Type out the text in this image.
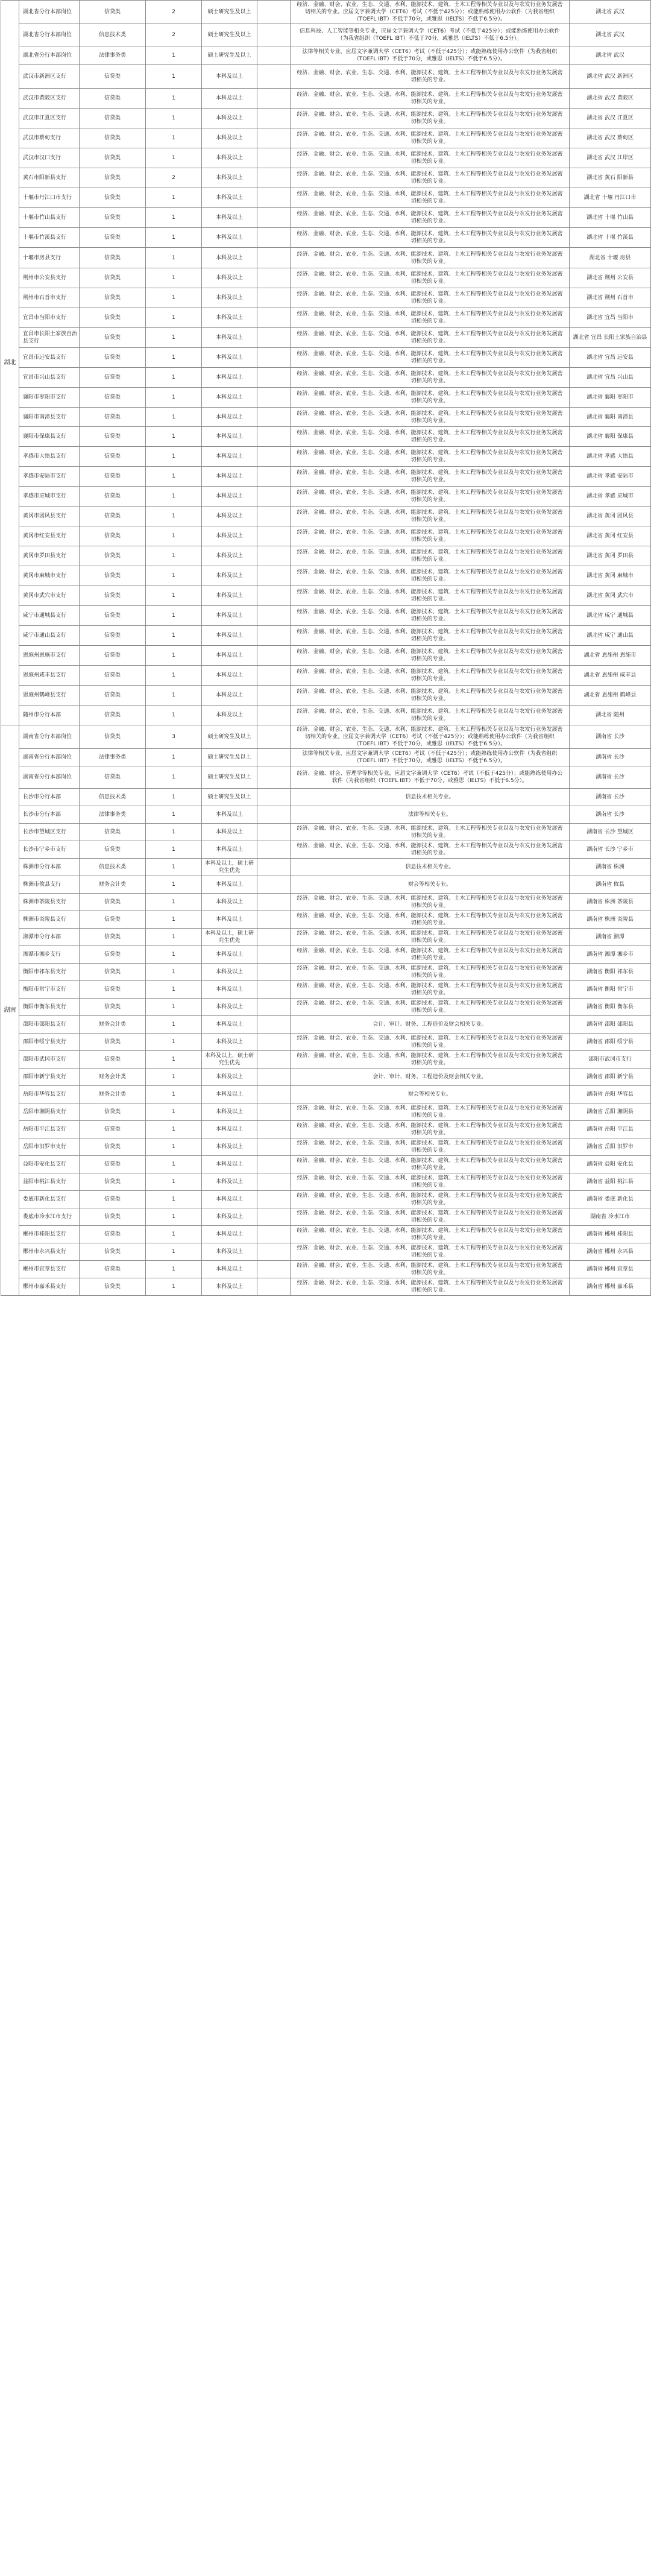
湖北	湖北省分行本部岗位	信贷类	2	硕士研究生及以上		经济、金融、财会、农业、生态、交通、水利、能源技术、建筑、土木工程等相关专业以及与农发行业务发展密切相关的专业。应届文字兼调大学（CET6）考试（不低于425分）；或能熟练使用办公软件（为我省组织（TOEFL IBT）不低于70分，或雅思（IELTS）不低于6.5分）。	湖北省 武汉
	湖北省分行本部岗位	信息技术类	2	硕士研究生及以上		信息科技、人工智能等相关专业，应届文字兼调大学（CET6）考试（不低于425分）；或能熟练使用办公软件（为我省组织（TOEFL IBT）不低于70分，或雅思（IELTS）不低于6.5分）。	湖北省 武汉
	湖北省分行本部岗位	法律事务类	1	硕士研究生及以上		法律等相关专业，应届文字兼调大学（CET6）考试（不低于425分）；或能熟练使用办公软件（为我省组织（TOEFL IBT）不低于70分，或雅思（IELTS）不低于6.5分）。	湖北省 武汉
	武汉市新洲区支行	信贷类	1	本科及以上		经济、金融、财会、农业、生态、交通、水利、能源技术、建筑、土木工程等相关专业以及与农发行业务发展密切相关的专业。	湖北省 武汉 新洲区
	武汉市黄陂区支行	信贷类	1	本科及以上		经济、金融、财会、农业、生态、交通、水利、能源技术、建筑、土木工程等相关专业以及与农发行业务发展密切相关的专业。	湖北省 武汉 黄陂区
	武汉市江夏区支行	信贷类	1	本科及以上		经济、金融、财会、农业、生态、交通、水利、能源技术、建筑、土木工程等相关专业以及与农发行业务发展密切相关的专业。	湖北省 武汉 江夏区
	武汉市蔡甸支行	信贷类	1	本科及以上		经济、金融、财会、农业、生态、交通、水利、能源技术、建筑、土木工程等相关专业以及与农发行业务发展密切相关的专业。	湖北省 武汉 蔡甸区
	武汉市汉口支行	信贷类	1	本科及以上		经济、金融、财会、农业、生态、交通、水利、能源技术、建筑、土木工程等相关专业以及与农发行业务发展密切相关的专业。	湖北省 武汉 江岸区
	黄石市阳新县支行	信贷类	2	本科及以上		经济、金融、财会、农业、生态、交通、水利、能源技术、建筑、土木工程等相关专业以及与农发行业务发展密切相关的专业。	湖北省 黄石 阳新县
	十堰市丹江口市支行	信贷类	1	本科及以上		经济、金融、财会、农业、生态、交通、水利、能源技术、建筑、土木工程等相关专业以及与农发行业务发展密切相关的专业。	湖北省 十堰 丹江口市
	十堰市竹山县支行	信贷类	1	本科及以上		经济、金融、财会、农业、生态、交通、水利、能源技术、建筑、土木工程等相关专业以及与农发行业务发展密切相关的专业。	湖北省 十堰 竹山县
	十堰市竹溪县支行	信贷类	1	本科及以上		经济、金融、财会、农业、生态、交通、水利、能源技术、建筑、土木工程等相关专业以及与农发行业务发展密切相关的专业。	湖北省 十堰 竹溪县
	十堰市房县支行	信贷类	1	本科及以上		经济、金融、财会、农业、生态、交通、水利、能源技术、建筑、土木工程等相关专业以及与农发行业务发展密切相关的专业。	湖北省 十堰 房县
	荆州市公安县支行	信贷类	1	本科及以上		经济、金融、财会、农业、生态、交通、水利、能源技术、建筑、土木工程等相关专业以及与农发行业务发展密切相关的专业。	湖北省 荆州 公安县
	荆州市石首市支行	信贷类	1	本科及以上		经济、金融、财会、农业、生态、交通、水利、能源技术、建筑、土木工程等相关专业以及与农发行业务发展密切相关的专业。	湖北省 荆州 石首市
	宜昌市当阳市支行	信贷类	1	本科及以上		经济、金融、财会、农业、生态、交通、水利、能源技术、建筑、土木工程等相关专业以及与农发行业务发展密切相关的专业。	湖北省 宜昌 当阳市
	宜昌市长阳土家族自治县支行	信贷类	1	本科及以上		经济、金融、财会、农业、生态、交通、水利、能源技术、建筑、土木工程等相关专业以及与农发行业务发展密切相关的专业。	湖北省 宜昌 长阳土家族自治县
	宜昌市远安县支行	信贷类	1	本科及以上		经济、金融、财会、农业、生态、交通、水利、能源技术、建筑、土木工程等相关专业以及与农发行业务发展密切相关的专业。	湖北省 宜昌 远安县
	宜昌市兴山县支行	信贷类	1	本科及以上		经济、金融、财会、农业、生态、交通、水利、能源技术、建筑、土木工程等相关专业以及与农发行业务发展密切相关的专业。	湖北省 宜昌 兴山县
	襄阳市枣阳市支行	信贷类	1	本科及以上		经济、金融、财会、农业、生态、交通、水利、能源技术、建筑、土木工程等相关专业以及与农发行业务发展密切相关的专业。	湖北省 襄阳 枣阳市
	襄阳市南漳县支行	信贷类	1	本科及以上		经济、金融、财会、农业、生态、交通、水利、能源技术、建筑、土木工程等相关专业以及与农发行业务发展密切相关的专业。	湖北省 襄阳 南漳县
	襄阳市保康县支行	信贷类	1	本科及以上		经济、金融、财会、农业、生态、交通、水利、能源技术、建筑、土木工程等相关专业以及与农发行业务发展密切相关的专业。	湖北省 襄阳 保康县
	孝感市大悟县支行	信贷类	1	本科及以上		经济、金融、财会、农业、生态、交通、水利、能源技术、建筑、土木工程等相关专业以及与农发行业务发展密切相关的专业。	湖北省 孝感 大悟县
	孝感市安陆市支行	信贷类	1	本科及以上		经济、金融、财会、农业、生态、交通、水利、能源技术、建筑、土木工程等相关专业以及与农发行业务发展密切相关的专业。	湖北省 孝感 安陆市
	孝感市应城市支行	信贷类	1	本科及以上		经济、金融、财会、农业、生态、交通、水利、能源技术、建筑、土木工程等相关专业以及与农发行业务发展密切相关的专业。	湖北省 孝感 应城市
	黄冈市团风县支行	信贷类	1	本科及以上		经济、金融、财会、农业、生态、交通、水利、能源技术、建筑、土木工程等相关专业以及与农发行业务发展密切相关的专业。	湖北省 黄冈 团风县
	黄冈市红安县支行	信贷类	1	本科及以上		经济、金融、财会、农业、生态、交通、水利、能源技术、建筑、土木工程等相关专业以及与农发行业务发展密切相关的专业。	湖北省 黄冈 红安县
	黄冈市罗田县支行	信贷类	1	本科及以上		经济、金融、财会、农业、生态、交通、水利、能源技术、建筑、土木工程等相关专业以及与农发行业务发展密切相关的专业。	湖北省 黄冈 罗田县
	黄冈市麻城市支行	信贷类	1	本科及以上		经济、金融、财会、农业、生态、交通、水利、能源技术、建筑、土木工程等相关专业以及与农发行业务发展密切相关的专业。	湖北省 黄冈 麻城市
	黄冈市武穴市支行	信贷类	1	本科及以上		经济、金融、财会、农业、生态、交通、水利、能源技术、建筑、土木工程等相关专业以及与农发行业务发展密切相关的专业。	湖北省 黄冈 武穴市
	咸宁市通城县支行	信贷类	1	本科及以上		经济、金融、财会、农业、生态、交通、水利、能源技术、建筑、土木工程等相关专业以及与农发行业务发展密切相关的专业。	湖北省 咸宁 通城县
	咸宁市通山县支行	信贷类	1	本科及以上		经济、金融、财会、农业、生态、交通、水利、能源技术、建筑、土木工程等相关专业以及与农发行业务发展密切相关的专业。	湖北省 咸宁 通山县
	恩施州恩施市支行	信贷类	1	本科及以上		经济、金融、财会、农业、生态、交通、水利、能源技术、建筑、土木工程等相关专业以及与农发行业务发展密切相关的专业。	湖北省 恩施州 恩施市
	恩施州咸丰县支行	信贷类	1	本科及以上		经济、金融、财会、农业、生态、交通、水利、能源技术、建筑、土木工程等相关专业以及与农发行业务发展密切相关的专业。	湖北省 恩施州 咸丰县
	恩施州鹤峰县支行	信贷类	1	本科及以上		经济、金融、财会、农业、生态、交通、水利、能源技术、建筑、土木工程等相关专业以及与农发行业务发展密切相关的专业。	湖北省 恩施州 鹤峰县
	随州市分行本部	信贷类	1	本科及以上		经济、金融、财会、农业、生态、交通、水利、能源技术、建筑、土木工程等相关专业以及与农发行业务发展密切相关的专业。	湖北省 随州
湖南	湖南省分行本部岗位	信贷类	3	硕士研究生及以上		经济、金融、财会、农业、生态、交通、水利、能源技术、建筑、土木工程等相关专业以及与农发行业务发展密切相关的专业。应届文字兼调大学（CET6）考试（不低于425分）；或能熟练使用办公软件（为我省组织（TOEFL IBT）不低于70分，或雅思（IELTS）不低于6.5分）。	湖南省 长沙
	湖南省分行本部岗位	法律事务类	1	硕士研究生及以上		法律等相关专业，应届文字兼调大学（CET6）考试（不低于425分）；或能熟练使用办公软件（为我省组织（TOEFL IBT）不低于70分，或雅思（IELTS）不低于6.5分）。	湖南省 长沙
	湖南省分行本部岗位	信贷类	1	硕士研究生及以上		经济、金融、财会、管理学等相关专业，应届文字兼调大学（CET6）考试（不低于425分）；或能熟练使用办公软件（为我省组织（TOEFL IBT）不低于70分，或雅思（IELTS）不低于6.5分）。	湖南省 长沙
	长沙市分行本部	信息技术类	1	硕士研究生及以上		信息技术相关专业。	湖南省 长沙
	长沙市分行本部	法律事务类	1	本科及以上		法律等相关专业。	湖南省 长沙
	长沙市望城区支行	信贷类	1	本科及以上		经济、金融、财会、农业、生态、交通、水利、能源技术、建筑、土木工程等相关专业以及与农发行业务发展密切相关的专业。	湖南省 长沙 望城区
	长沙市宁乡市支行	信贷类	1	本科及以上		经济、金融、财会、农业、生态、交通、水利、能源技术、建筑、土木工程等相关专业以及与农发行业务发展密切相关的专业。	湖南省 长沙 宁乡市
	株洲市分行本部	信息技术类	1	本科及以上，硕士研究生优先		信息技术相关专业。	湖南省 株洲
	株洲市攸县支行	财务会计类	1	本科及以上		财会等相关专业。	湖南省 攸县
	株洲市茶陵县支行	信贷类	1	本科及以上		经济、金融、财会、农业、生态、交通、水利、能源技术、建筑、土木工程等相关专业以及与农发行业务发展密切相关的专业。	湖南省 株洲 茶陵县
	株洲市炎陵县支行	信贷类	1	本科及以上		经济、金融、财会、农业、生态、交通、水利、能源技术、建筑、土木工程等相关专业以及与农发行业务发展密切相关的专业。	湖南省 株洲 炎陵县
	湘潭市分行本部	信贷类	1	本科及以上，硕士研究生优先		经济、金融、财会、农业、生态、交通、水利、能源技术、建筑、土木工程等相关专业以及与农发行业务发展密切相关的专业。	湖南省 湘潭
	湘潭市湘乡支行	信贷类	1	本科及以上		经济、金融、财会、农业、生态、交通、水利、能源技术、建筑、土木工程等相关专业以及与农发行业务发展密切相关的专业。	湖南省 湘潭 湘乡市
	衡阳市祁东县支行	信贷类	1	本科及以上		经济、金融、财会、农业、生态、交通、水利、能源技术、建筑、土木工程等相关专业以及与农发行业务发展密切相关的专业。	湖南省 衡阳 祁东县
	衡阳市常宁市支行	信贷类	1	本科及以上		经济、金融、财会、农业、生态、交通、水利、能源技术、建筑、土木工程等相关专业以及与农发行业务发展密切相关的专业。	湖南省 衡阳 常宁市
	衡阳市衡东县支行	信贷类	1	本科及以上		经济、金融、财会、农业、生态、交通、水利、能源技术、建筑、土木工程等相关专业以及与农发行业务发展密切相关的专业。	湖南省 衡阳 衡东县
	邵阳市邵阳县支行	财务会计类	1	本科及以上		会计、审计、财务、工程造价及财会相关专业。	湖南省 邵阳 邵阳县
	邵阳市绥宁县支行	信贷类	1	本科及以上		经济、金融、财会、农业、生态、交通、水利、能源技术、建筑、土木工程等相关专业以及与农发行业务发展密切相关的专业。	湖南省 邵阳 绥宁县
	邵阳市武冈市支行	信贷类	1	本科及以上，硕士研究生优先		经济、金融、财会、农业、生态、交通、水利、能源技术、建筑、土木工程等相关专业以及与农发行业务发展密切相关的专业。	邵阳市武冈市支行
	邵阳市新宁县支行	财务会计类	1	本科及以上		会计、审计、财务、工程造价及财会相关专业。	湖南省 邵阳 新宁县
	岳阳市华容县支行	财务会计类	1	本科及以上		财会等相关专业。	湖南省 岳阳 华容县
	岳阳市湘阴县支行	信贷类	1	本科及以上		经济、金融、财会、农业、生态、交通、水利、能源技术、建筑、土木工程等相关专业以及与农发行业务发展密切相关的专业。	湖南省 岳阳 湘阴县
	岳阳市平江县支行	信贷类	1	本科及以上		经济、金融、财会、农业、生态、交通、水利、能源技术、建筑、土木工程等相关专业以及与农发行业务发展密切相关的专业。	湖南省 岳阳 平江县
	岳阳市汨罗市支行	信贷类	1	本科及以上		经济、金融、财会、农业、生态、交通、水利、能源技术、建筑、土木工程等相关专业以及与农发行业务发展密切相关的专业。	湖南省 岳阳 汨罗市
	益阳市安化县支行	信贷类	1	本科及以上		经济、金融、财会、农业、生态、交通、水利、能源技术、建筑、土木工程等相关专业以及与农发行业务发展密切相关的专业。	湖南省 益阳 安化县
	益阳市桃江县支行	信贷类	1	本科及以上		经济、金融、财会、农业、生态、交通、水利、能源技术、建筑、土木工程等相关专业以及与农发行业务发展密切相关的专业。	湖南省 益阳 桃江县
	娄底市新化县支行	信贷类	1	本科及以上		经济、金融、财会、农业、生态、交通、水利、能源技术、建筑、土木工程等相关专业以及与农发行业务发展密切相关的专业。	湖南省 娄底 新化县
	娄底市冷水江市支行	信贷类	1	本科及以上		经济、金融、财会、农业、生态、交通、水利、能源技术、建筑、土木工程等相关专业以及与农发行业务发展密切相关的专业。	湖南省 冷水江市
	郴州市桂阳县支行	信贷类	1	本科及以上		经济、金融、财会、农业、生态、交通、水利、能源技术、建筑、土木工程等相关专业以及与农发行业务发展密切相关的专业。	湖南省 郴州 桂阳县
	郴州市永兴县支行	信贷类	1	本科及以上		经济、金融、财会、农业、生态、交通、水利、能源技术、建筑、土木工程等相关专业以及与农发行业务发展密切相关的专业。	湖南省 郴州 永兴县
	郴州市宜章县支行	信贷类	1	本科及以上		经济、金融、财会、农业、生态、交通、水利、能源技术、建筑、土木工程等相关专业以及与农发行业务发展密切相关的专业。	湖南省 郴州 宜章县
	郴州市嘉禾县支行	信贷类	1	本科及以上		经济、金融、财会、农业、生态、交通、水利、能源技术、建筑、土木工程等相关专业以及与农发行业务发展密切相关的专业。	湖南省 郴州 嘉禾县
